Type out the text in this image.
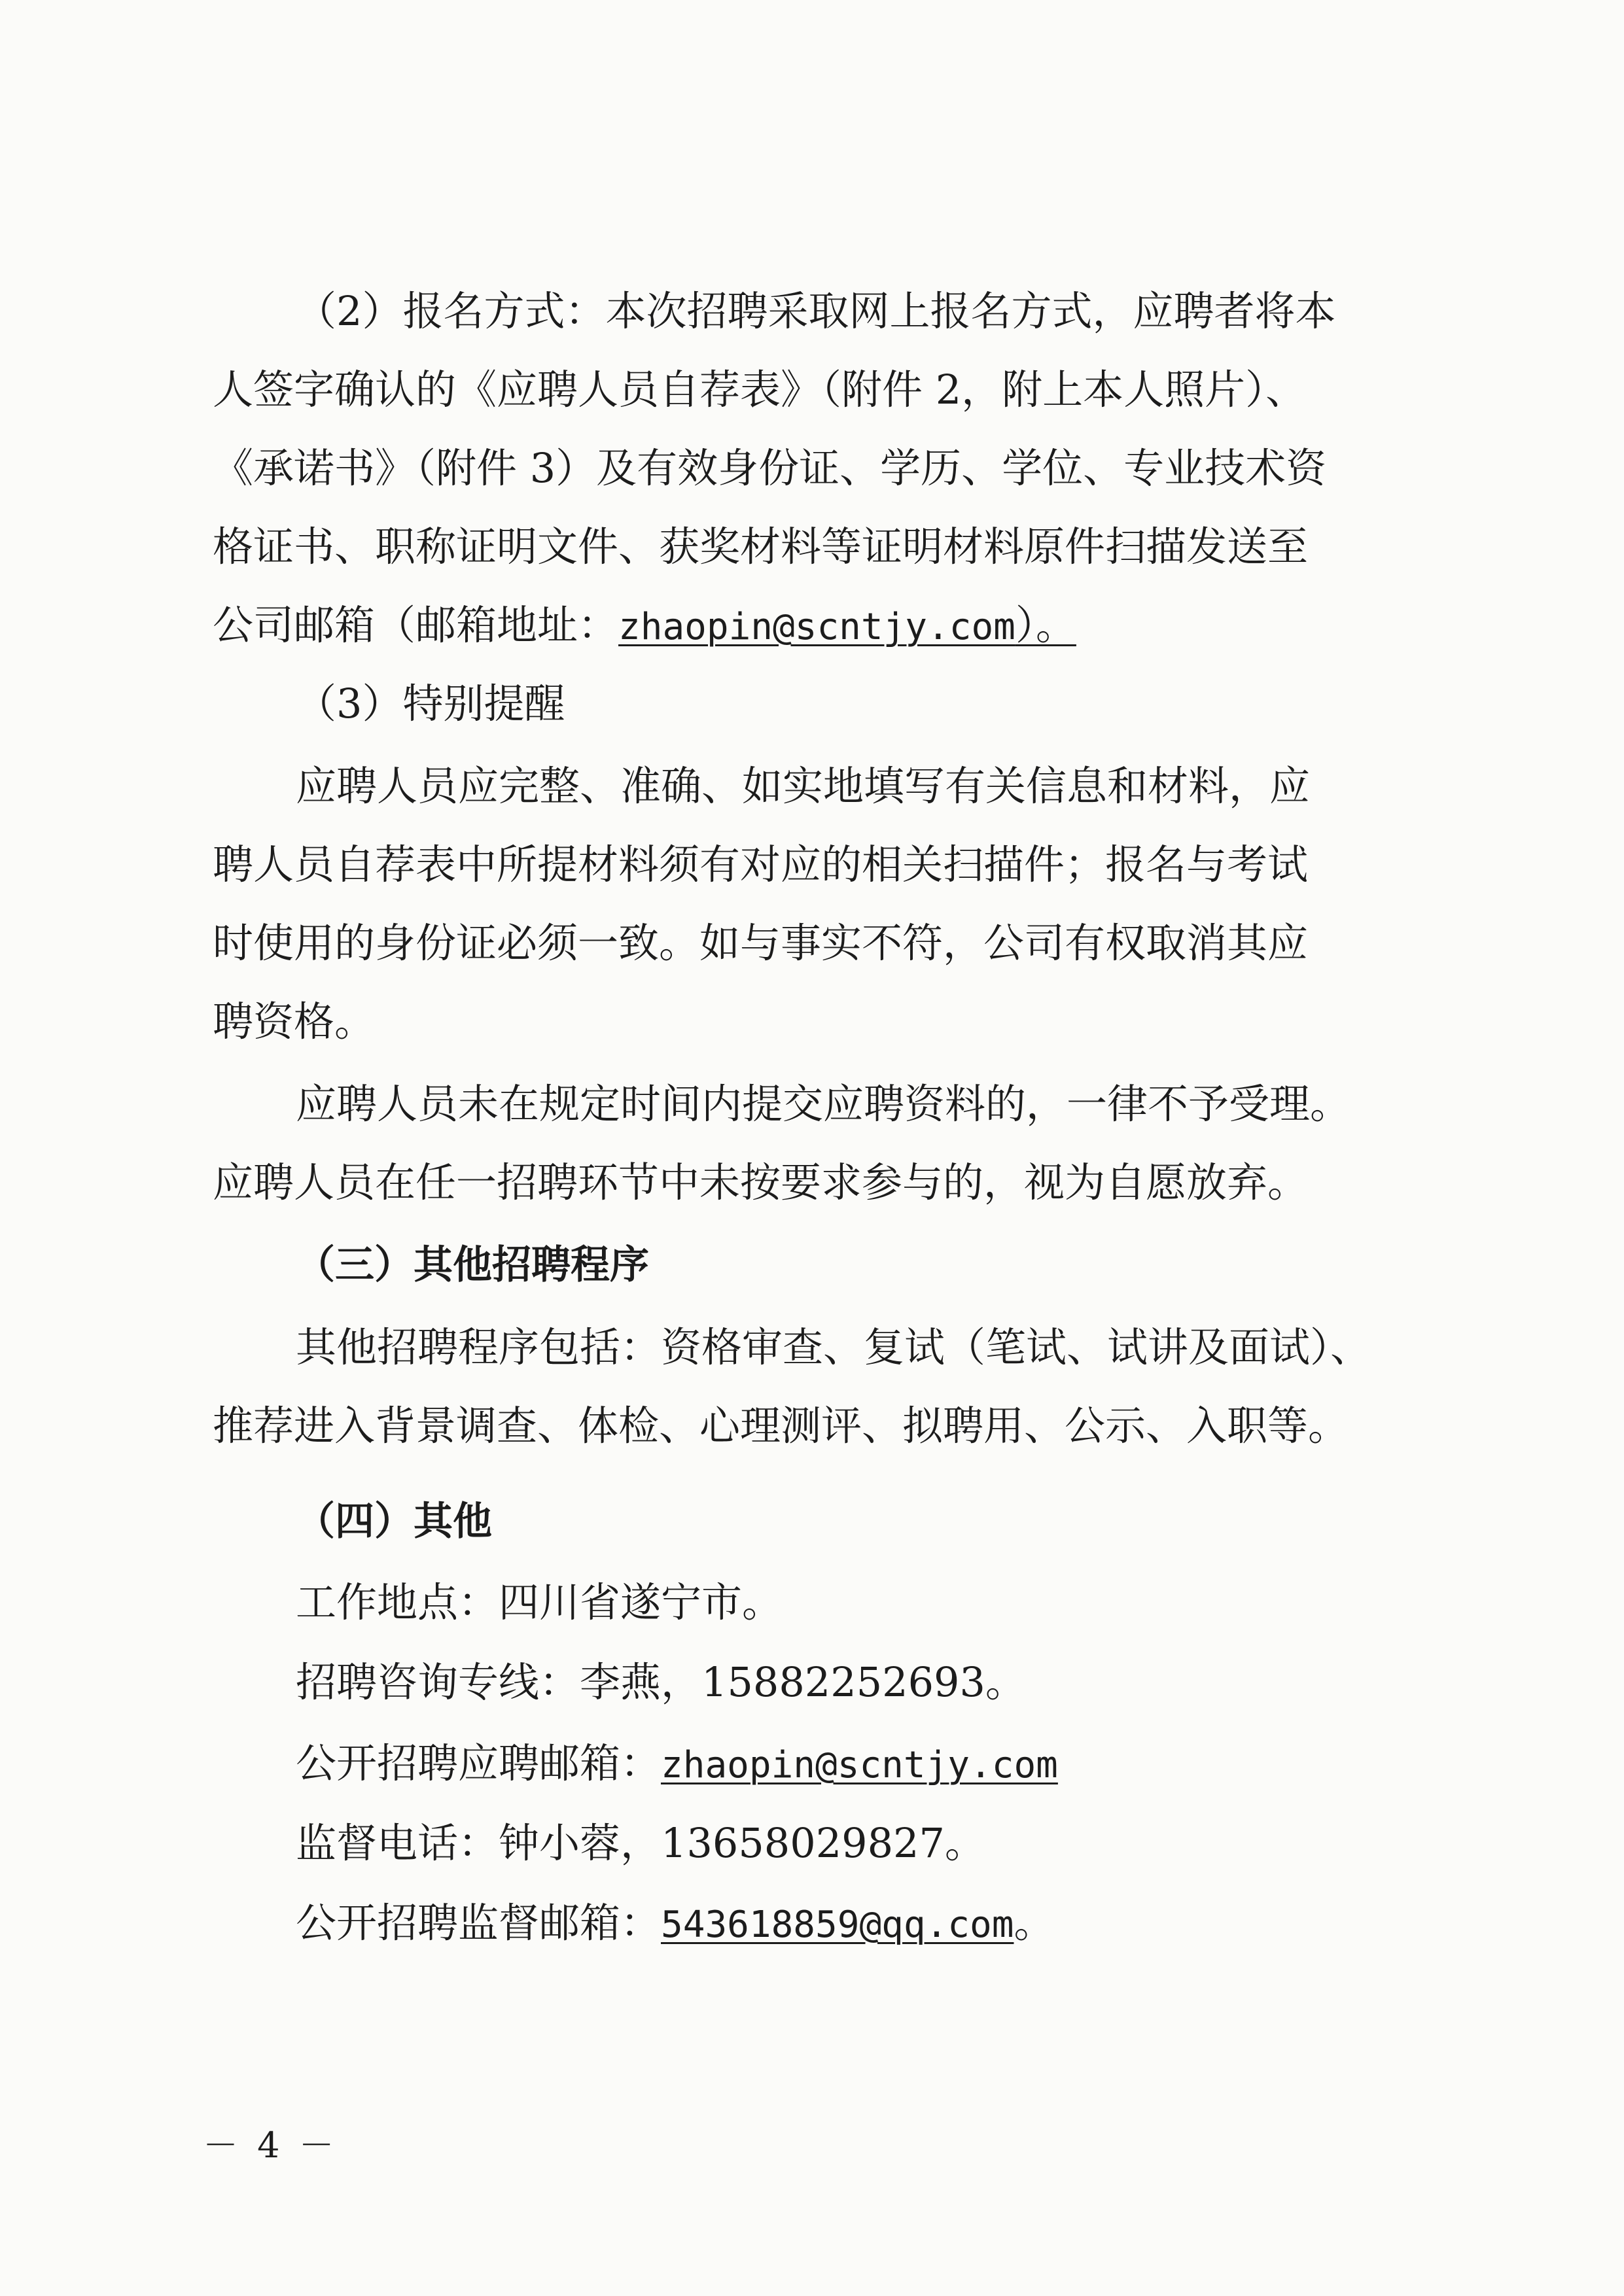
（2）报名方式：本次招聘采取网上报名方式，应聘者将本
人签字确认的《应聘人员自荐表》（附件 2，附上本人照片）、
《承诺书》（附件 3）及有效身份证、学历、学位、专业技术资
格证书、职称证明文件、获奖材料等证明材料原件扫描发送至
公司邮箱（邮箱地址：zhaopin@scntjy.com）。
（3）特别提醒
应聘人员应完整、准确、如实地填写有关信息和材料，应
聘人员自荐表中所提材料须有对应的相关扫描件；报名与考试
时使用的身份证必须一致。如与事实不符，公司有权取消其应
聘资格。
应聘人员未在规定时间内提交应聘资料的，一律不予受理。
应聘人员在任一招聘环节中未按要求参与的，视为自愿放弃。
（三）其他招聘程序
其他招聘程序包括：资格审查、复试（笔试、试讲及面试）、
推荐进入背景调查、体检、心理测评、拟聘用、公示、入职等。
（四）其他
工作地点：四川省遂宁市。
招聘咨询专线：李燕，15882252693。
公开招聘应聘邮箱：zhaopin@scntjy.com
监督电话：钟小蓉，13658029827。
公开招聘监督邮箱：543618859@qq.com。
－ 4 －
